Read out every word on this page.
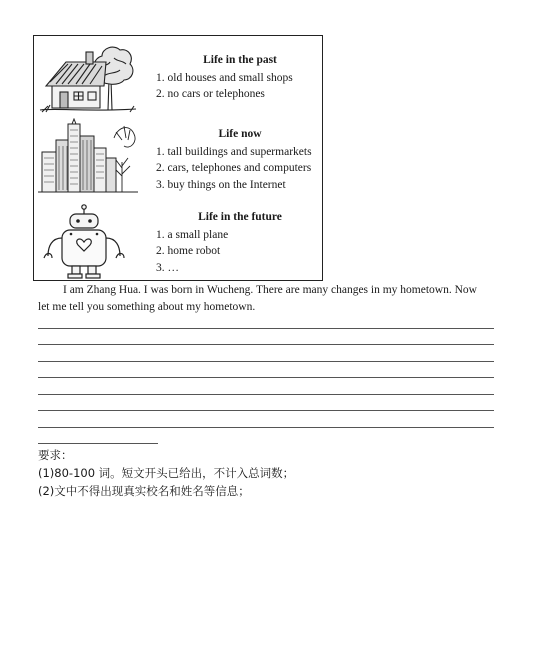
Life in the past
1. old houses and small shops
2. no cars or telephones
Life now
1. tall buildings and supermarkets
2. cars, telephones and computers
3. buy things on the Internet
Life in the future
1. a small plane
2. home robot
3. …
I am Zhang Hua. I was born in Wucheng. There are many changes in my hometown. Now
let me tell you something about my hometown.
要求：
(1)80-100 词。短文开头已给出，不计入总词数；
(2)文中不得出现真实校名和姓名等信息；
